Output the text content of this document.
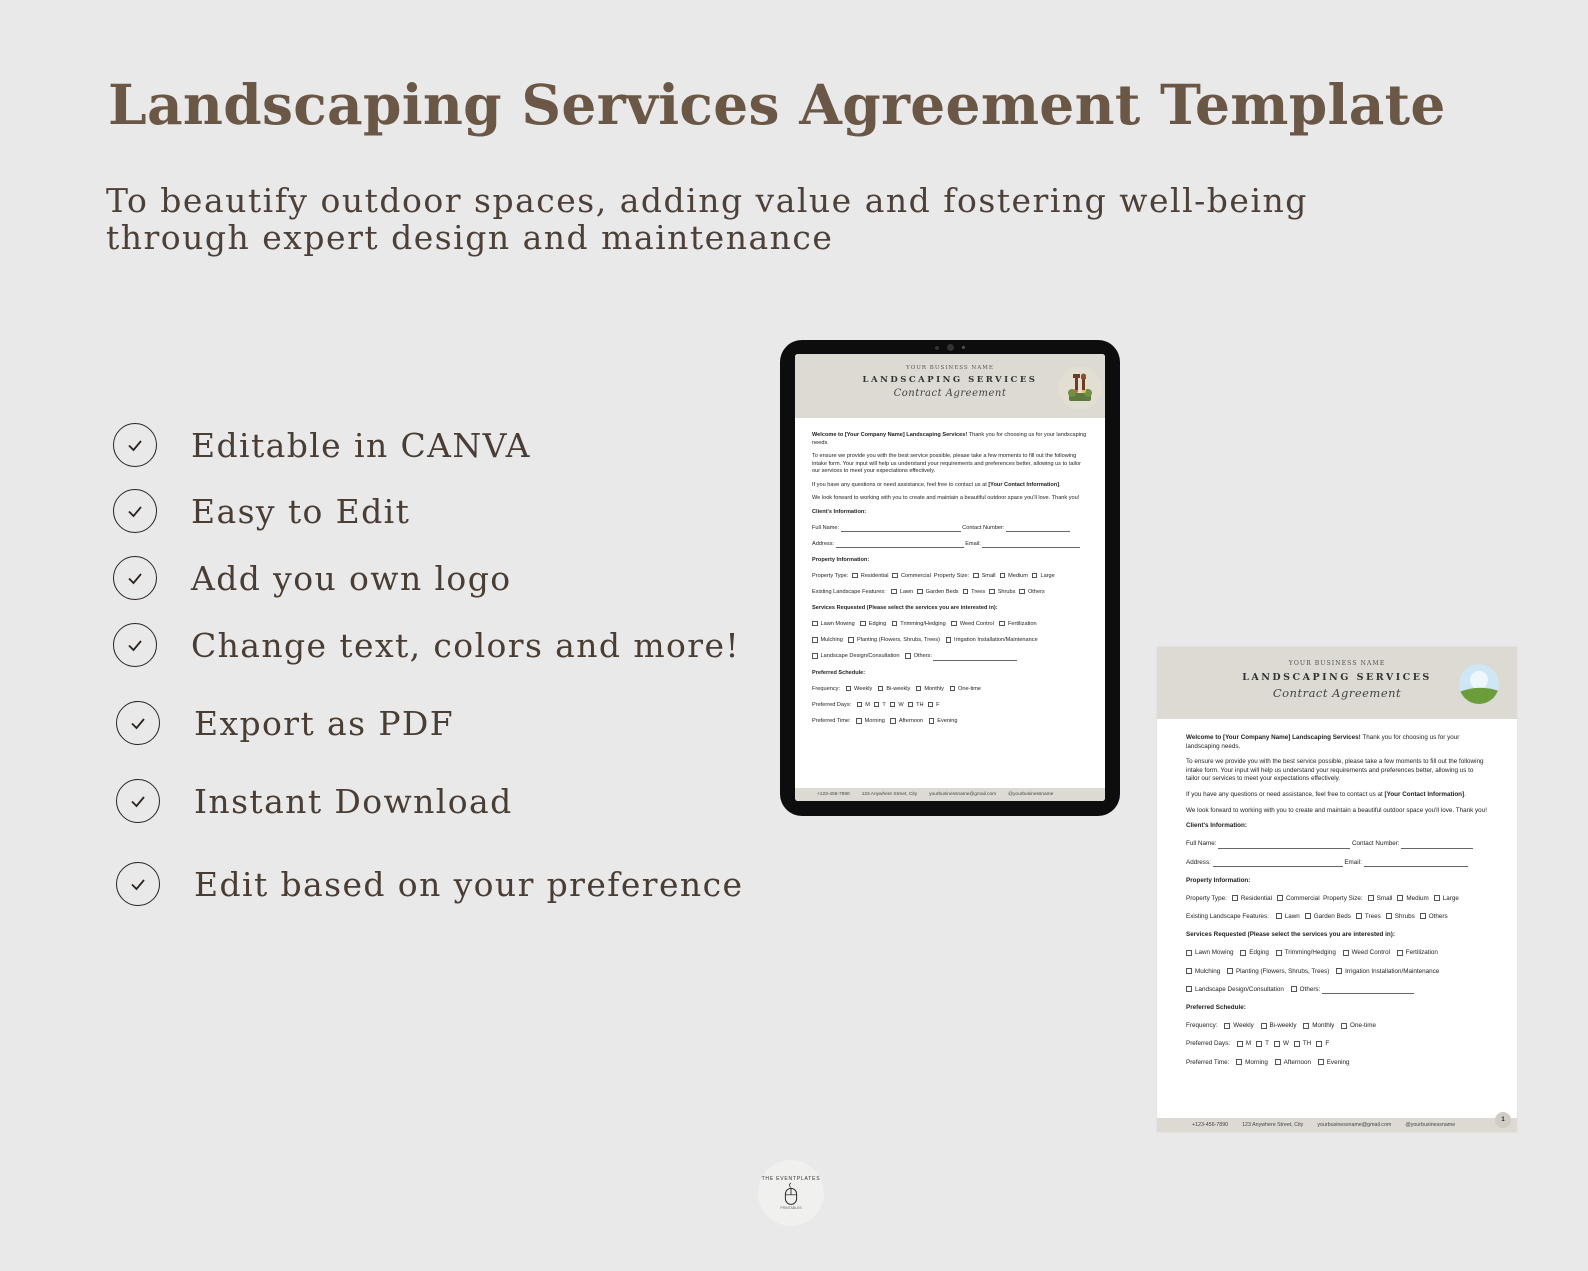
Landscaping Services Agreement Template

To beautify outdoor spaces, adding value and fostering well-being through expert design and maintenance

Editable in CANVA
Easy to Edit
Add you own logo
Change text, colors and more!
Export as PDF
Instant Download
Edit based on your preference
YOUR BUSINESS NAME
LANDSCAPING SERVICES
Contract Agreement

Welcome to [Your Company Name] Landscaping Services! Thank you for choosing us for your landscaping needs.

To ensure we provide you with the best service possible, please take a few moments to fill out the following intake form. Your input will help us understand your requirements and preferences better, allowing us to tailor our services to meet your expectations effectively.

If you have any questions or need assistance, feel free to contact us at [Your Contact Information].

We look forward to working with you to create and maintain a beautiful outdoor space you'll love. Thank you!

Client's Information:

Full Name:	Contact Number:

Address:	Email:

Property Information:

Property Type: Residential Commercial Property Size: Small Medium Large

Existing Landscape Features:	Lawn Garden Beds Trees Shrubs Others

Services Requested (Please select the services you are interested in):

Lawn Mowing	Edging	Trimming/Hedging	Weed Control	Fertilization

Mulching	Planting (Flowers, Shrubs, Trees)	Irrigation Installation/Maintenance

Landscape Design/Consultation	Others:

Preferred Schedule:

Frequency:	Weekly	Bi-weekly	Monthly	One-time

Preferred Days:	M T W TH F

Preferred Time:	Morning	Afternoon	Evening

+123-456-7890	123 Anywhere Street, City	yourbusinessname@gmail.com	@yourbusinessname
YOUR BUSINESS NAME
LANDSCAPING SERVICES
Contract Agreement

Welcome to [Your Company Name] Landscaping Services! Thank you for choosing us for your landscaping needs.

To ensure we provide you with the best service possible, please take a few moments to fill out the following intake form. Your input will help us understand your requirements and preferences better, allowing us to tailor our services to meet your expectations effectively.

If you have any questions or need assistance, feel free to contact us at [Your Contact Information].

We look forward to working with you to create and maintain a beautiful outdoor space you'll love. Thank you!

Client's Information:

Full Name:	Contact Number:

Address:	Email:

Property Information:

Property Type: Residential Commercial Property Size: Small Medium Large

Existing Landscape Features:	Lawn Garden Beds Trees Shrubs Others

Services Requested (Please select the services you are interested in):

Lawn Mowing	Edging	Trimming/Hedging	Weed Control	Fertilization

Mulching	Planting (Flowers, Shrubs, Trees)	Irrigation Installation/Maintenance

Landscape Design/Consultation	Others:

Preferred Schedule:

Frequency:	Weekly	Bi-weekly	Monthly	One-time

Preferred Days:	M T W TH F

Preferred Time:	Morning	Afternoon	Evening

+123-456-7890	123 Anywhere Street, City	yourbusinessname@gmail.com	@yourbusinessname
1
THE EVENTPLATES
PRINTABLES
